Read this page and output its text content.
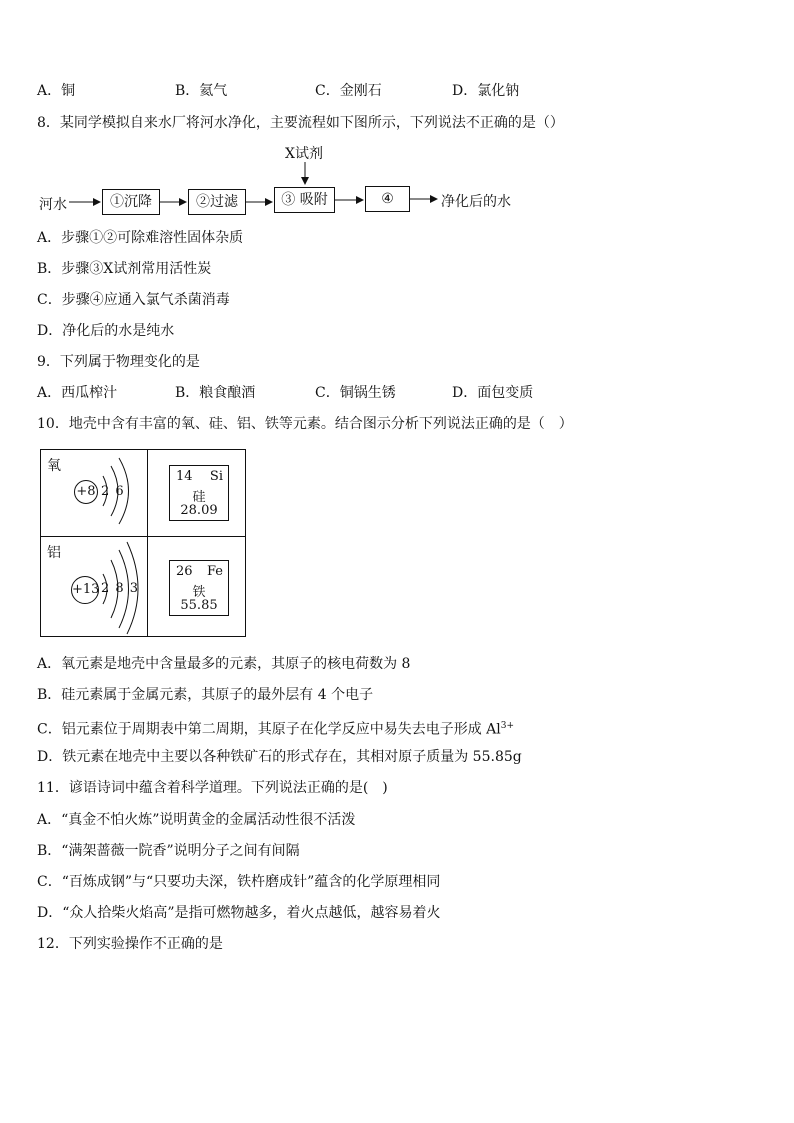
A．铜	B．氦气	C．金刚石	D．氯化钠
8．某同学模拟自来水厂将河水净化，主要流程如下图所示，下列说法不正确的是（）
X试剂
河水	①沉降	②过滤	③ 吸附	④	净化后的水
A．步骤①②可除难溶性固体杂质
B．步骤③X试剂常用活性炭
C．步骤④应通入氯气杀菌消毒
D．净化后的水是纯水
9．下列属于物理变化的是
A．西瓜榨汁	B．粮食酿酒	C．铜锅生锈	D．面包变质
10．地壳中含有丰富的氧、硅、铝、铁等元素。结合图示分析下列说法正确的是（　）
氧
+8 2 6
铝
+13 2 8 3
14 Si
硅
28.09
26 Fe
铁
55.85
A．氧元素是地壳中含量最多的元素，其原子的核电荷数为 8
B．硅元素属于金属元素，其原子的最外层有 4 个电子
C．铝元素位于周期表中第二周期，其原子在化学反应中易失去电子形成 $Al^{3+}$
D．铁元素在地壳中主要以各种铁矿石的形式存在，其相对原子质量为 55.85g
11．谚语诗词中蕴含着科学道理。下列说法正确的是(　)
A．“真金不怕火炼”说明黄金的金属活动性很不活泼
B．“满架蔷薇一院香”说明分子之间有间隔
C．“百炼成钢”与“只要功夫深，铁杵磨成针”蕴含的化学原理相同
D．“众人拾柴火焰高”是指可燃物越多，着火点越低，越容易着火
12．下列实验操作不正确的是
